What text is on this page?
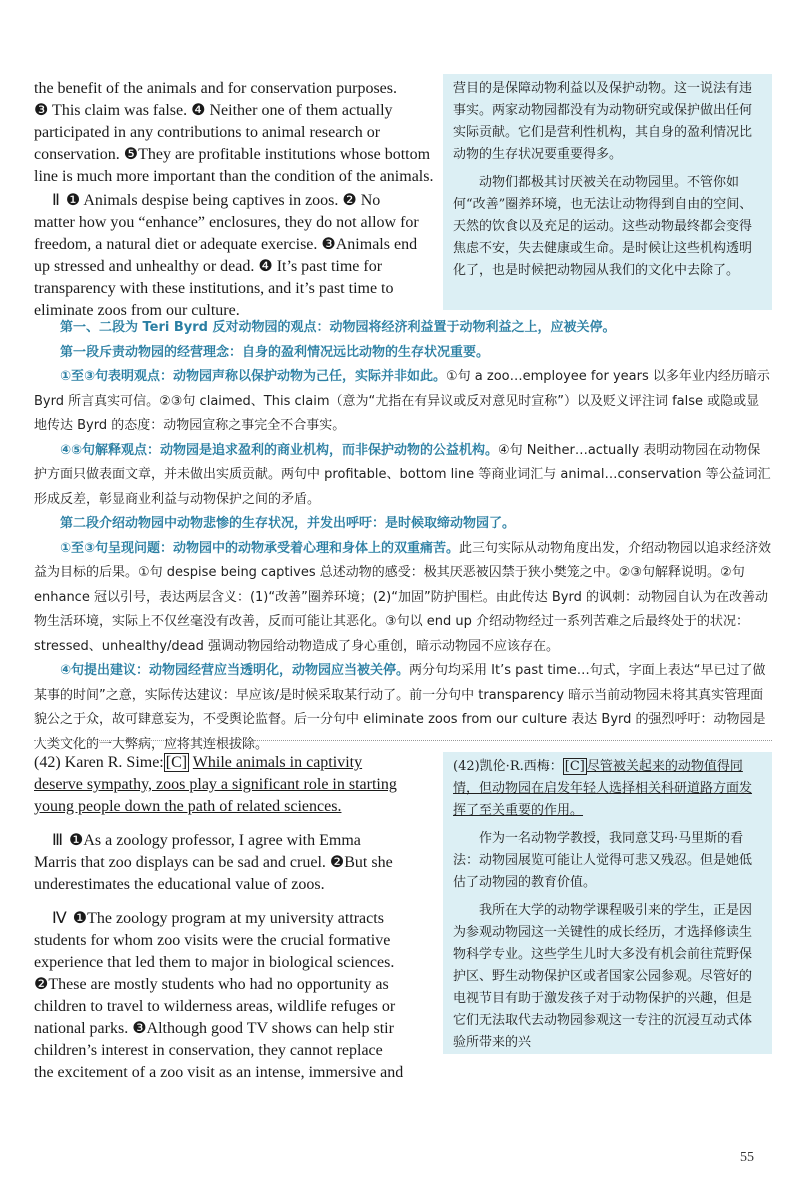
the benefit of the animals and for conservation purposes.

❸ This claim was false. ❹ Neither one of them actually

participated in any contributions to animal research or

conservation. ❺They are profitable institutions whose bottom

line is much more important than the condition of the animals.

Ⅱ ❶ Animals despise being captives in zoos. ❷ No

matter how you “enhance” enclosures, they do not allow for

freedom, a natural diet or adequate exercise. ❸Animals end

up stressed and unhealthy or dead. ❹ It’s past time for

transparency with these institutions, and it’s past time to

eliminate zoos from our culture.

营目的是保障动物利益以及保护动物。这一说法有违事实。两家动物园都没有为动物研究或保护做出任何实际贡献。它们是营利性机构，其自身的盈利情况比动物的生存状况要重要得多。

动物们都极其讨厌被关在动物园里。不管你如何“改善”圈养环境，也无法让动物得到自由的空间、天然的饮食以及充足的运动。这些动物最终都会变得焦虑不安，失去健康或生命。是时候让这些机构透明化了，也是时候把动物园从我们的文化中去除了。

第一、二段为 Teri Byrd 反对动物园的观点：动物园将经济利益置于动物利益之上，应被关停。

第一段斥责动物园的经营理念：自身的盈利情况远比动物的生存状况重要。

①至③句表明观点：动物园声称以保护动物为己任，实际并非如此。①句 a zoo…employee for years 以多年业内经历暗示 Byrd 所言真实可信。②③句 claimed、This claim（意为“尤指在有异议或反对意见时宣称”）以及贬义评注词 false 或隐或显地传达 Byrd 的态度：动物园宣称之事完全不合事实。

④⑤句解释观点：动物园是追求盈利的商业机构，而非保护动物的公益机构。④句 Neither…actually 表明动物园在动物保护方面只做表面文章，并未做出实质贡献。两句中 profitable、bottom line 等商业词汇与 animal…conservation 等公益词汇形成反差，彰显商业利益与动物保护之间的矛盾。

第二段介绍动物园中动物悲惨的生存状况，并发出呼吁：是时候取缔动物园了。

①至③句呈现问题：动物园中的动物承受着心理和身体上的双重痛苦。此三句实际从动物角度出发，介绍动物园以追求经济效益为目标的后果。①句 despise being captives 总述动物的感受：极其厌恶被囚禁于狭小樊笼之中。②③句解释说明。②句 enhance 冠以引号，表达两层含义：(1)“改善”圈养环境；(2)“加固”防护围栏。由此传达 Byrd 的讽刺：动物园自认为在改善动物生活环境，实际上不仅丝毫没有改善，反而可能让其恶化。③句以 end up 介绍动物经过一系列苦难之后最终处于的状况：stressed、unhealthy/dead 强调动物园给动物造成了身心重创，暗示动物园不应该存在。

④句提出建议：动物园经营应当透明化，动物园应当被关停。两分句均采用 It’s past time…句式，字面上表达“早已过了做某事的时间”之意，实际传达建议：早应该/是时候采取某行动了。前一分句中 transparency 暗示当前动物园未将其真实管理面貌公之于众，故可肆意妄为，不受舆论监督。后一分句中 eliminate zoos from our culture 表达 Byrd 的强烈呼吁：动物园是人类文化的一大弊病，应将其连根拔除。

(42) Karen R. Sime: [C] While animals in captivity

deserve sympathy, zoos play a significant role in starting

young people down the path of related sciences.

Ⅲ ❶As a zoology professor, I agree with Emma

Marris that zoo displays can be sad and cruel. ❷But she

underestimates the educational value of zoos.

Ⅳ ❶The zoology program at my university attracts

students for whom zoo visits were the crucial formative

experience that led them to major in biological sciences.

❷These are mostly students who had no opportunity as

children to travel to wilderness areas, wildlife refuges or

national parks. ❸Although good TV shows can help stir

children’s interest in conservation, they cannot replace

the excitement of a zoo visit as an intense, immersive and

(42)凯伦·R.西梅： [C] 尽管被关起来的动物值得同情，但动物园在启发年轻人选择相关科研道路方面发挥了至关重要的作用。

作为一名动物学教授，我同意艾玛·马里斯的看法：动物园展览可能让人觉得可悲又残忍。但是她低估了动物园的教育价值。

我所在大学的动物学课程吸引来的学生，正是因为参观动物园这一关键性的成长经历，才选择修读生物科学专业。这些学生儿时大多没有机会前往荒野保护区、野生动物保护区或者国家公园参观。尽管好的电视节目有助于激发孩子对于动物保护的兴趣，但是它们无法取代去动物园参观这一专注的沉浸互动式体验所带来的兴

55
